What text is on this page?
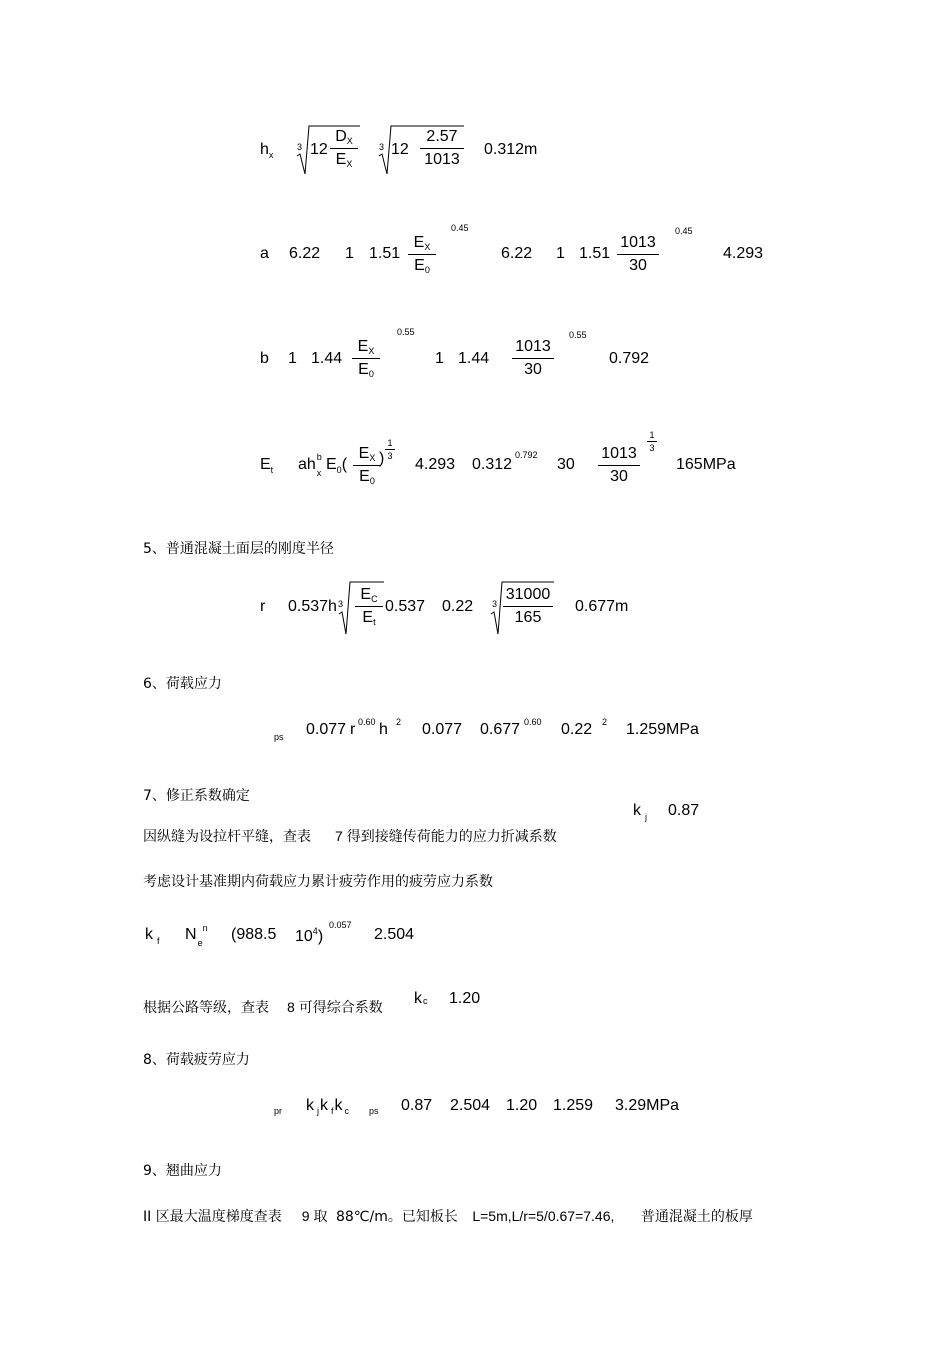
$h_x$
3 12
DX
EX
3 12
2.57
1013
0.312m
a 6.22 1 1.51
EX
E0
0.45
6.22 1 1.51
1013
30
0.45
4.293
b 1 1.44
EX
E0
0.55
1 1.44
1013
30
0.55
0.792
$E_t$ ah x
b $E_0$(
EX
E0
)
1
3 4.293 0.312
0.792
30
1013
30
1
3
165MPa
5、普通混凝土面层的刚度半径
r 0.537h 3
EC
Et
0.537 0.22 3
31000
165
0.677m
6、荷载应力
ps 0.077 r 0.60 h 2 0.077 0.677 0.60 0.22 2 1.259MPa
7、修正系数确定
k $_j$ 0.87
因纵缝为设拉杆平缝，查表 7 得到接缝传荷能力的应力折减系数
考虑设计基准期内荷载应力累计疲劳作用的疲劳应力系数
k $_f$ N e
n (988.5 $10^4$)
0.057
2.504
根据公路等级，查表 8 可得综合系数
kc 1.20
8、荷载疲劳应力
pr k $_j$k $_f$k $_c$ ps 0.87 2.504 1.20 1.259 3.29MPa
9、翘曲应力
II 区最大温度梯度查表 9 取 88℃/m。已知板长 L=5m,L/r=5/0.67=7.46, 普通混凝土的板厚
